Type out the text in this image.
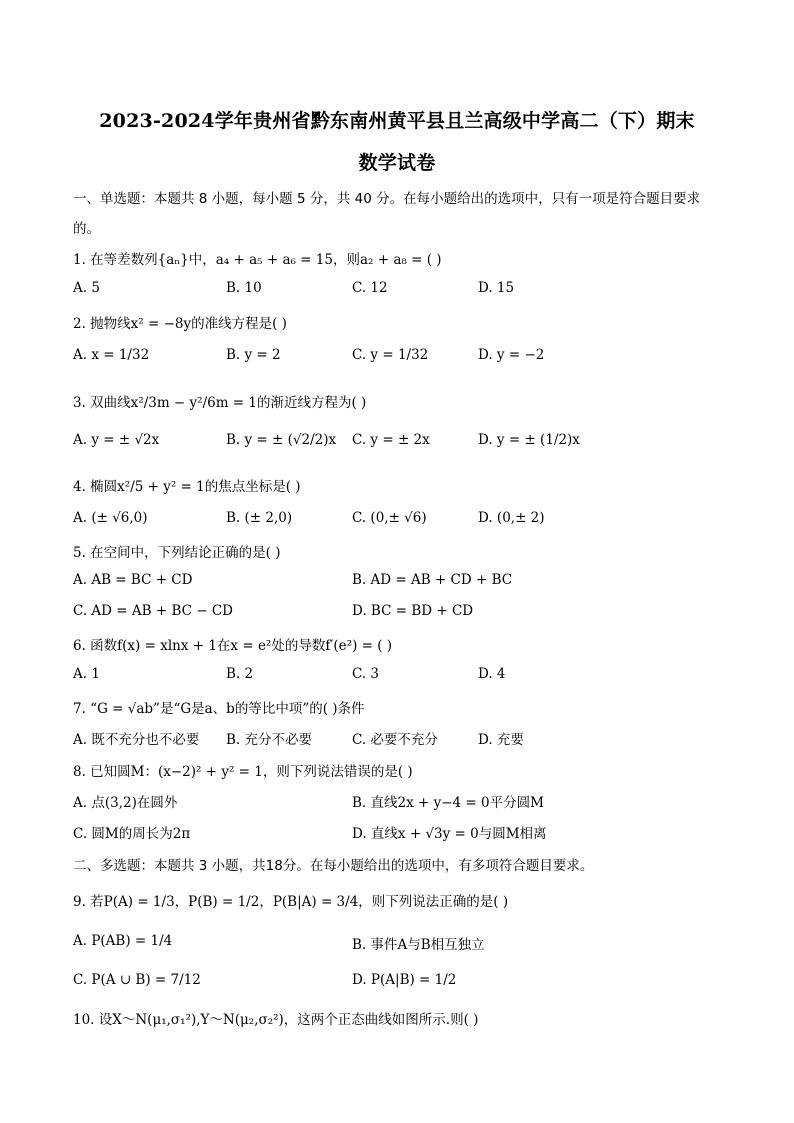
2023-2024学年贵州省黔东南州黄平县且兰高级中学高二（下）期末
数学试卷
一、单选题：本题共 8 小题，每小题 5 分，共 40 分。在每小题给出的选项中，只有一项是符合题目要求
的。
1. 在等差数列{aₙ}中，a₄ + a₅ + a₆ = 15，则a₂ + a₈ = ( )
A. 5	B. 10	C. 12	D. 15
2. 抛物线x² = −8y的准线方程是( )
A. x = 1/32	B. y = 2	C. y = 1/32	D. y = −2
3. 双曲线x²/3m − y²/6m = 1的渐近线方程为( )
A. y = ± √2x	B. y = ± (√2/2)x C. y = ± 2x	D. y = ± (1/2)x
4. 椭圆x²/5 + y² = 1的焦点坐标是( )
A. (± √6,0)	B. (± 2,0)	C. (0,± √6)	D. (0,± 2)
5. 在空间中，下列结论正确的是( )
A. AB = BC + CD	B. AD = AB + CD + BC
C. AD = AB + BC − CD	D. BC = BD + CD
6. 函数f(x) = xlnx + 1在x = e²处的导数f′(e²) = ( )
A. 1	B. 2	C. 3	D. 4
7. “G = √ab”是“G是a、b的等比中项”的( )条件
A. 既不充分也不必要 B. 充分不必要	C. 必要不充分	D. 充要
8. 已知圆M：(x−2)² + y² = 1，则下列说法错误的是( )
A. 点(3,2)在圆外	B. 直线2x + y−4 = 0平分圆M
C. 圆M的周长为2π	D. 直线x + √3y = 0与圆M相离
二、多选题：本题共 3 小题，共18分。在每小题给出的选项中，有多项符合题目要求。
9. 若P(A) = 1/3，P(B) = 1/2，P(B|A) = 3/4，则下列说法正确的是( )
A. P(AB) = 1/4	B. 事件A与B相互独立
C. P(A ∪ B) = 7/12	D. P(A|B) = 1/2
10. 设X～N(μ₁,σ₁²),Y～N(μ₂,σ₂²)，这两个正态曲线如图所示.则( )
